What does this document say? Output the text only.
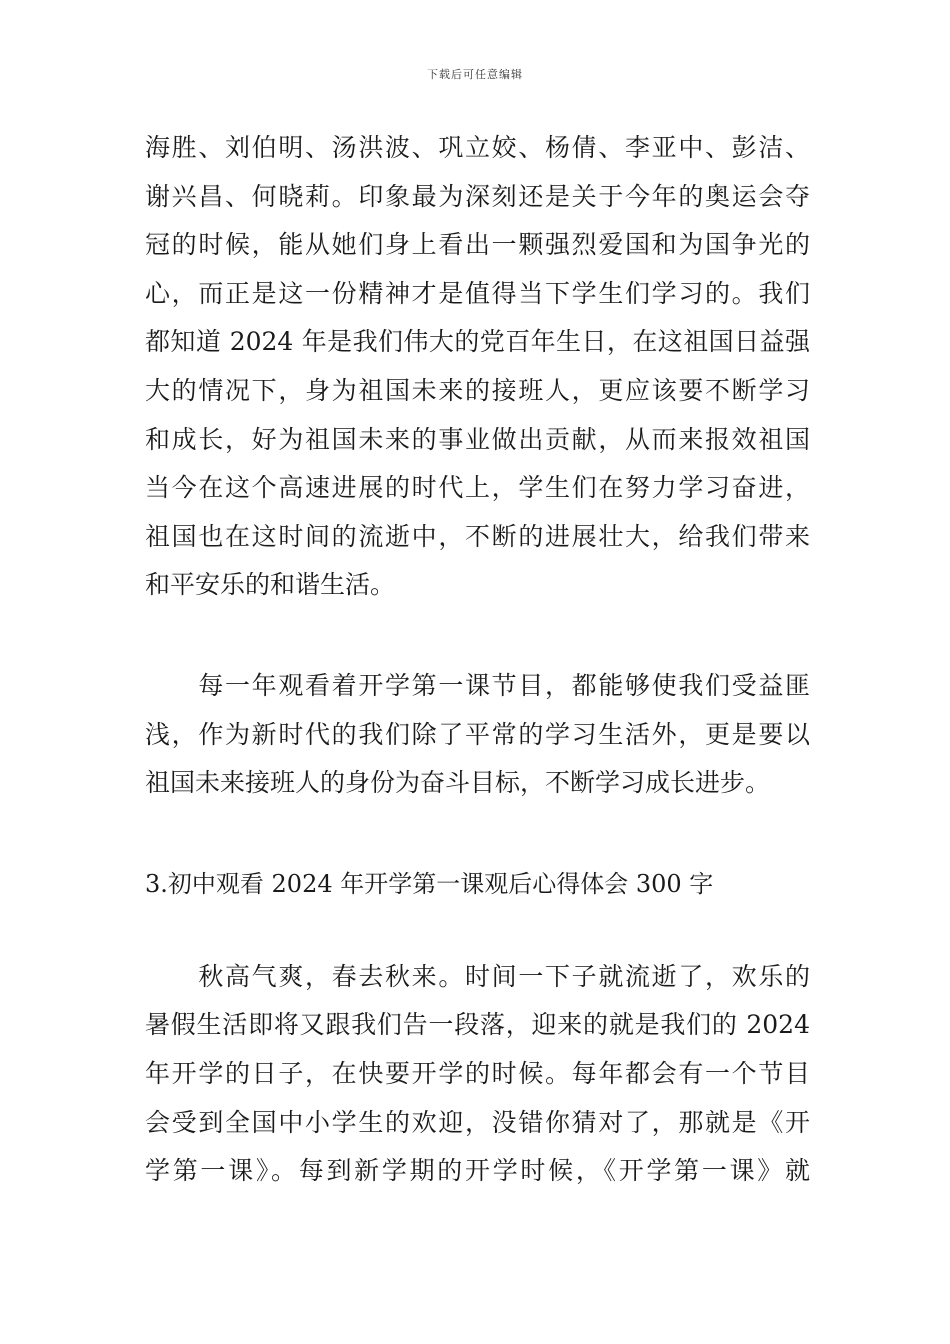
下载后可任意编辑
海胜、刘伯明、汤洪波、巩立姣、杨倩、李亚中、彭洁、
谢兴昌、何晓莉。印象最为深刻还是关于今年的奥运会夺
冠的时候，能从她们身上看出一颗强烈爱国和为国争光的
心，而正是这一份精神才是值得当下学生们学习的。我们
都知道 2024 年是我们伟大的党百年生日，在这祖国日益强
大的情况下，身为祖国未来的接班人，更应该要不断学习
和成长，好为祖国未来的事业做出贡献，从而来报效祖国
当今在这个高速进展的时代上，学生们在努力学习奋进，
祖国也在这时间的流逝中，不断的进展壮大，给我们带来
和平安乐的和谐生活。
　　每一年观看着开学第一课节目，都能够使我们受益匪
浅，作为新时代的我们除了平常的学习生活外，更是要以
祖国未来接班人的身份为奋斗目标，不断学习成长进步。
3.初中观看 2024 年开学第一课观后心得体会 300 字
　　秋高气爽，春去秋来。时间一下子就流逝了，欢乐的
暑假生活即将又跟我们告一段落，迎来的就是我们的 2024
年开学的日子，在快要开学的时候。每年都会有一个节目
会受到全国中小学生的欢迎，没错你猜对了，那就是《开
学第一课》。每到新学期的开学时候，《开学第一课》就
